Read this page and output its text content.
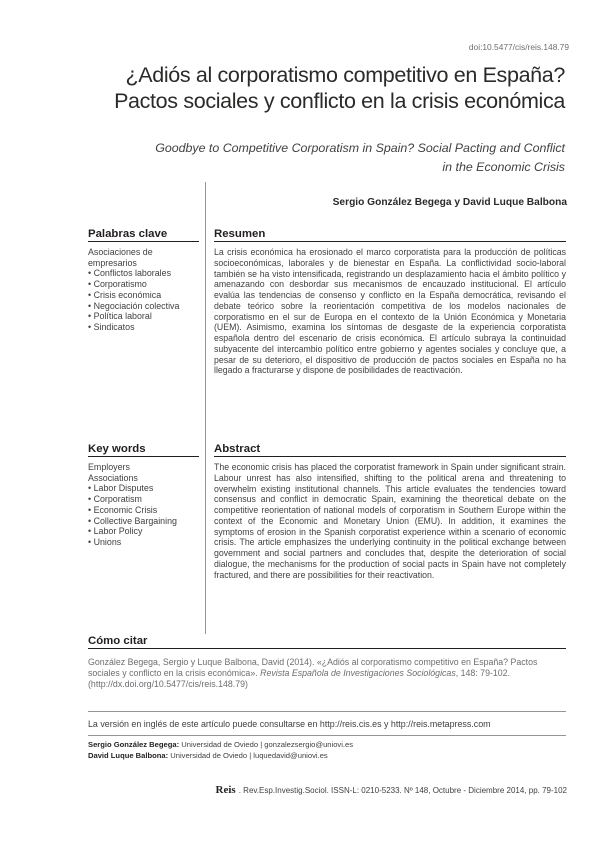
doi:10.5477/cis/reis.148.79
¿Adiós al corporatismo competitivo en España?
Pactos sociales y conflicto en la crisis económica
Goodbye to Competitive Corporatism in Spain? Social Pacting and Conflict
in the Economic Crisis
Sergio González Begega y David Luque Balbona
Palabras clave
Asociaciones de
empresarios
• Conflictos laborales
• Corporatismo
• Crisis económica
• Negociación colectiva
• Política laboral
• Sindicatos
Resumen
La crisis económica ha erosionado el marco corporatista para la producción de políticas socioeconómicas, laborales y de bienestar en España. La conflictividad socio-laboral también se ha visto intensificada, registrando un desplazamiento hacia el ámbito político y amenazando con desbordar sus mecanismos de encauzado institucional. El artículo evalúa las tendencias de consenso y conflicto en la España democrática, revisando el debate teórico sobre la reorientación competitiva de los modelos nacionales de corporatismo en el sur de Europa en el contexto de la Unión Económica y Monetaria (UEM). Asimismo, examina los síntomas de desgaste de la experiencia corporatista española dentro del escenario de crisis económica. El artículo subraya la continuidad subyacente del intercambio político entre gobierno y agentes sociales y concluye que, a pesar de su deterioro, el dispositivo de producción de pactos sociales en España no ha llegado a fracturarse y dispone de posibilidades de reactivación.
Key words
Employers
Associations
• Labor Disputes
• Corporatism
• Economic Crisis
• Collective Bargaining
• Labor Policy
• Unions
Abstract
The economic crisis has placed the corporatist framework in Spain under significant strain. Labour unrest has also intensified, shifting to the political arena and threatening to overwhelm existing institutional channels. This article evaluates the tendencies toward consensus and conflict in democratic Spain, examining the theoretical debate on the competitive reorientation of national models of corporatism in Southern Europe within the context of the Economic and Monetary Union (EMU). In addition, it examines the symptoms of erosion in the Spanish corporatist experience within a scenario of economic crisis. The article emphasizes the underlying continuity in the political exchange between government and social partners and concludes that, despite the deterioration of social dialogue, the mechanisms for the production of social pacts in Spain have not completely fractured, and there are possibilities for their reactivation.
Cómo citar
González Begega, Sergio y Luque Balbona, David (2014). «¿Adiós al corporatismo competitivo en España? Pactos sociales y conflicto en la crisis económica». Revista Española de Investigaciones Sociológicas, 148: 79-102.
(http://dx.doi.org/10.5477/cis/reis.148.79)
La versión en inglés de este artículo puede consultarse en http://reis.cis.es y http://reis.metapress.com
Sergio González Begega: Universidad de Oviedo | gonzalezsergio@uniovi.es
David Luque Balbona: Universidad de Oviedo | luquedavid@uniovi.es
Reis . Rev.Esp.Investig.Sociol. ISSN-L: 0210-5233. Nº 148, Octubre - Diciembre 2014, pp. 79-102
